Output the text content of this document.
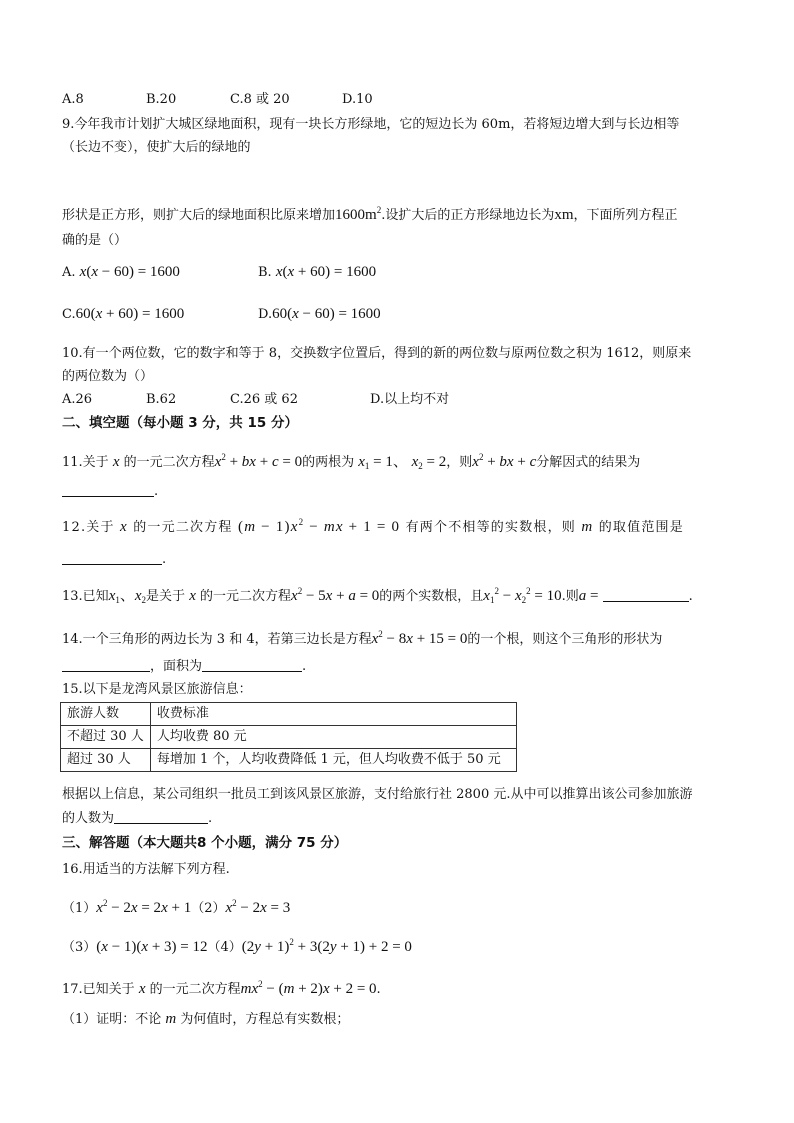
A.8	B.20	C.8 或 20	D.10
9.今年我市计划扩大城区绿地面积，现有一块长方形绿地，它的短边长为 60m，若将短边增大到与长边相等
（长边不变），使扩大后的绿地的
形状是正方形，则扩大后的绿地面积比原来增加$1600m^2$.设扩大后的正方形绿地边长为xm，下面所列方程正
确的是（）
A. x(x − 60) = 1600	B. x(x + 60) = 1600
C.60(x + 60) = 1600	D.60(x − 60) = 1600
10.有一个两位数，它的数字和等于 8，交换数字位置后，得到的新的两位数与原两位数之积为 1612，则原来
的两位数为（）
A.26	B.62	C.26 或 62	D.以上均不对
二、填空题（每小题 3 分，共 15 分）
11.关于 x 的一元二次方程$x^2$ + bx + c = 0的两根为 $x_1 = 1$、 $x_2 = 2$，则$x^2$ + bx + c分解因式的结果为
.
12.关于 x 的一元二次方程 $(m - 1)x^2$ − mx + 1 = 0 有两个不相等的实数根，则 m 的取值范围是
.
13.已知$x_1$、$x_2$是关于 x 的一元二次方程$x^2 - 5x + a = 0$的两个实数根，且$x_1^2 - x_2^2 = 10$.则a =	.
14.一个三角形的两边长为 3 和 4，若第三边长是方程$x^2 - 8x + 15 = 0$的一个根，则这个三角形的形状为
，面积为	.
15.以下是龙湾风景区旅游信息：
旅游人数	收费标准
不超过 30 人	人均收费 80 元
超过 30 人	每增加 1 个，人均收费降低 1 元，但人均收费不低于 50 元
根据以上信息，某公司组织一批员工到该风景区旅游，支付给旅行社 2800 元.从中可以推算出该公司参加旅游
的人数为	.
三、解答题（本大题共8 个小题，满分 75 分）
16.用适当的方法解下列方程.
$(1)x^2 - 2x = 2x + 1(2)x^2 - 2x = 3$
$(3)(x - 1)(x + 3) = 12(4)(2y + 1)^2 + 3(2y + 1) + 2 = 0$
17.已知关于 x 的一元二次方程$mx^2 - (m + 2)x + 2 = 0$.
（1）证明：不论 m 为何值时，方程总有实数根；
